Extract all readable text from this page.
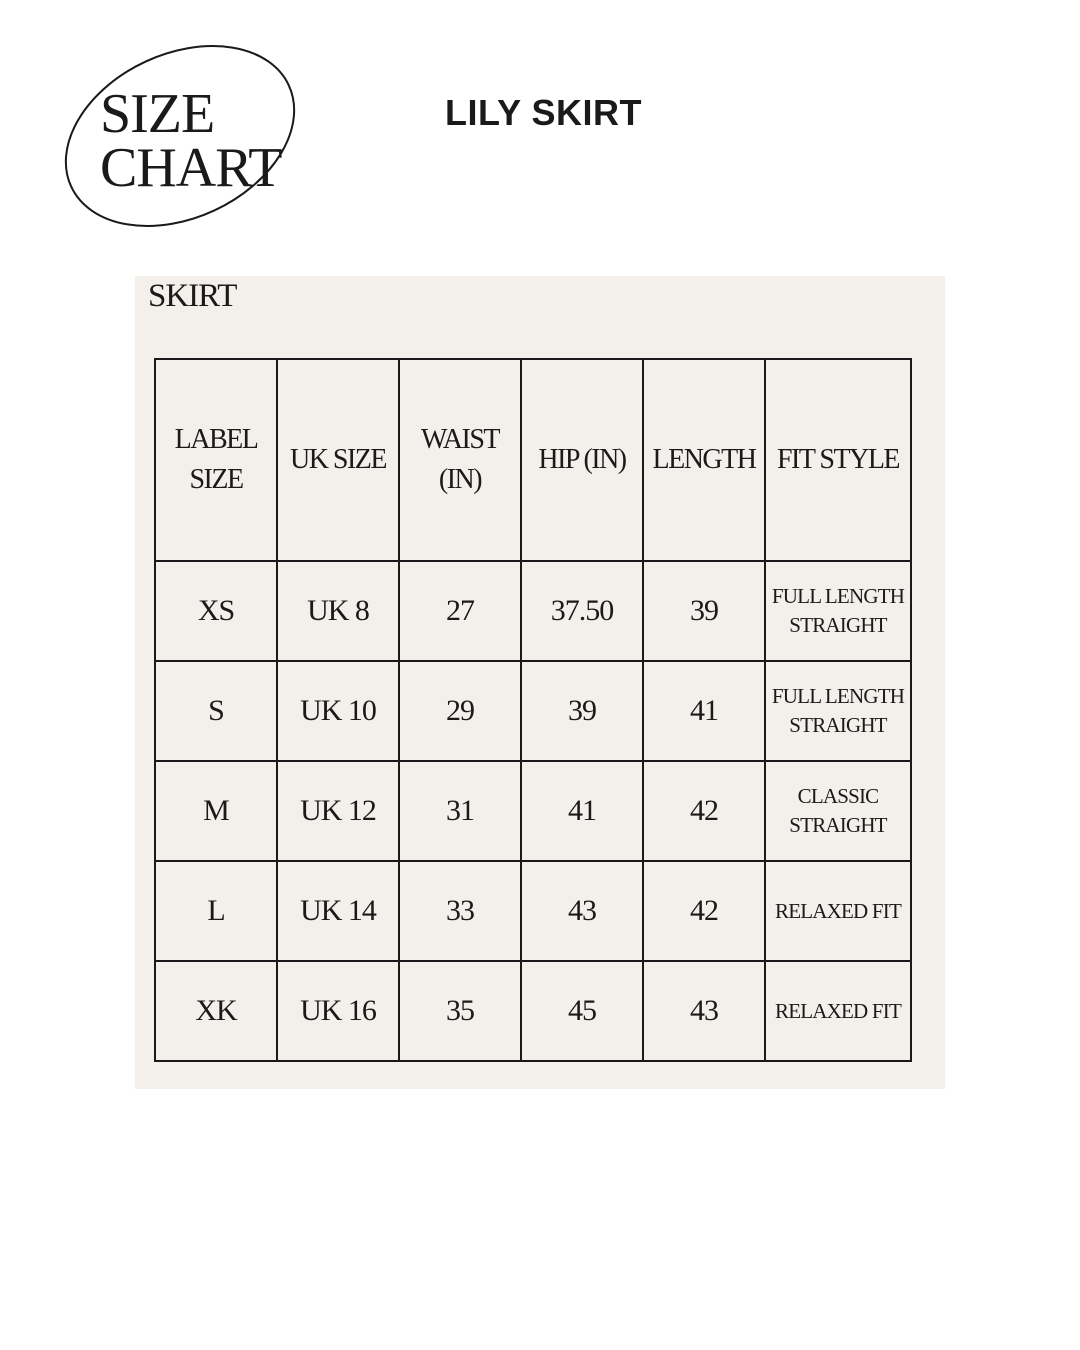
SIZE
CHART
LILY SKIRT
SKIRT
LABEL SIZE	UK SIZE	WAIST (IN)	HIP (IN)	LENGTH	FIT STYLE
XS	UK 8	27	37.50	39	FULL LENGTH STRAIGHT
S	UK 10	29	39	41	FULL LENGTH STRAIGHT
M	UK 12	31	41	42	CLASSIC STRAIGHT
L	UK 14	33	43	42	RELAXED FIT
XK	UK 16	35	45	43	RELAXED FIT
